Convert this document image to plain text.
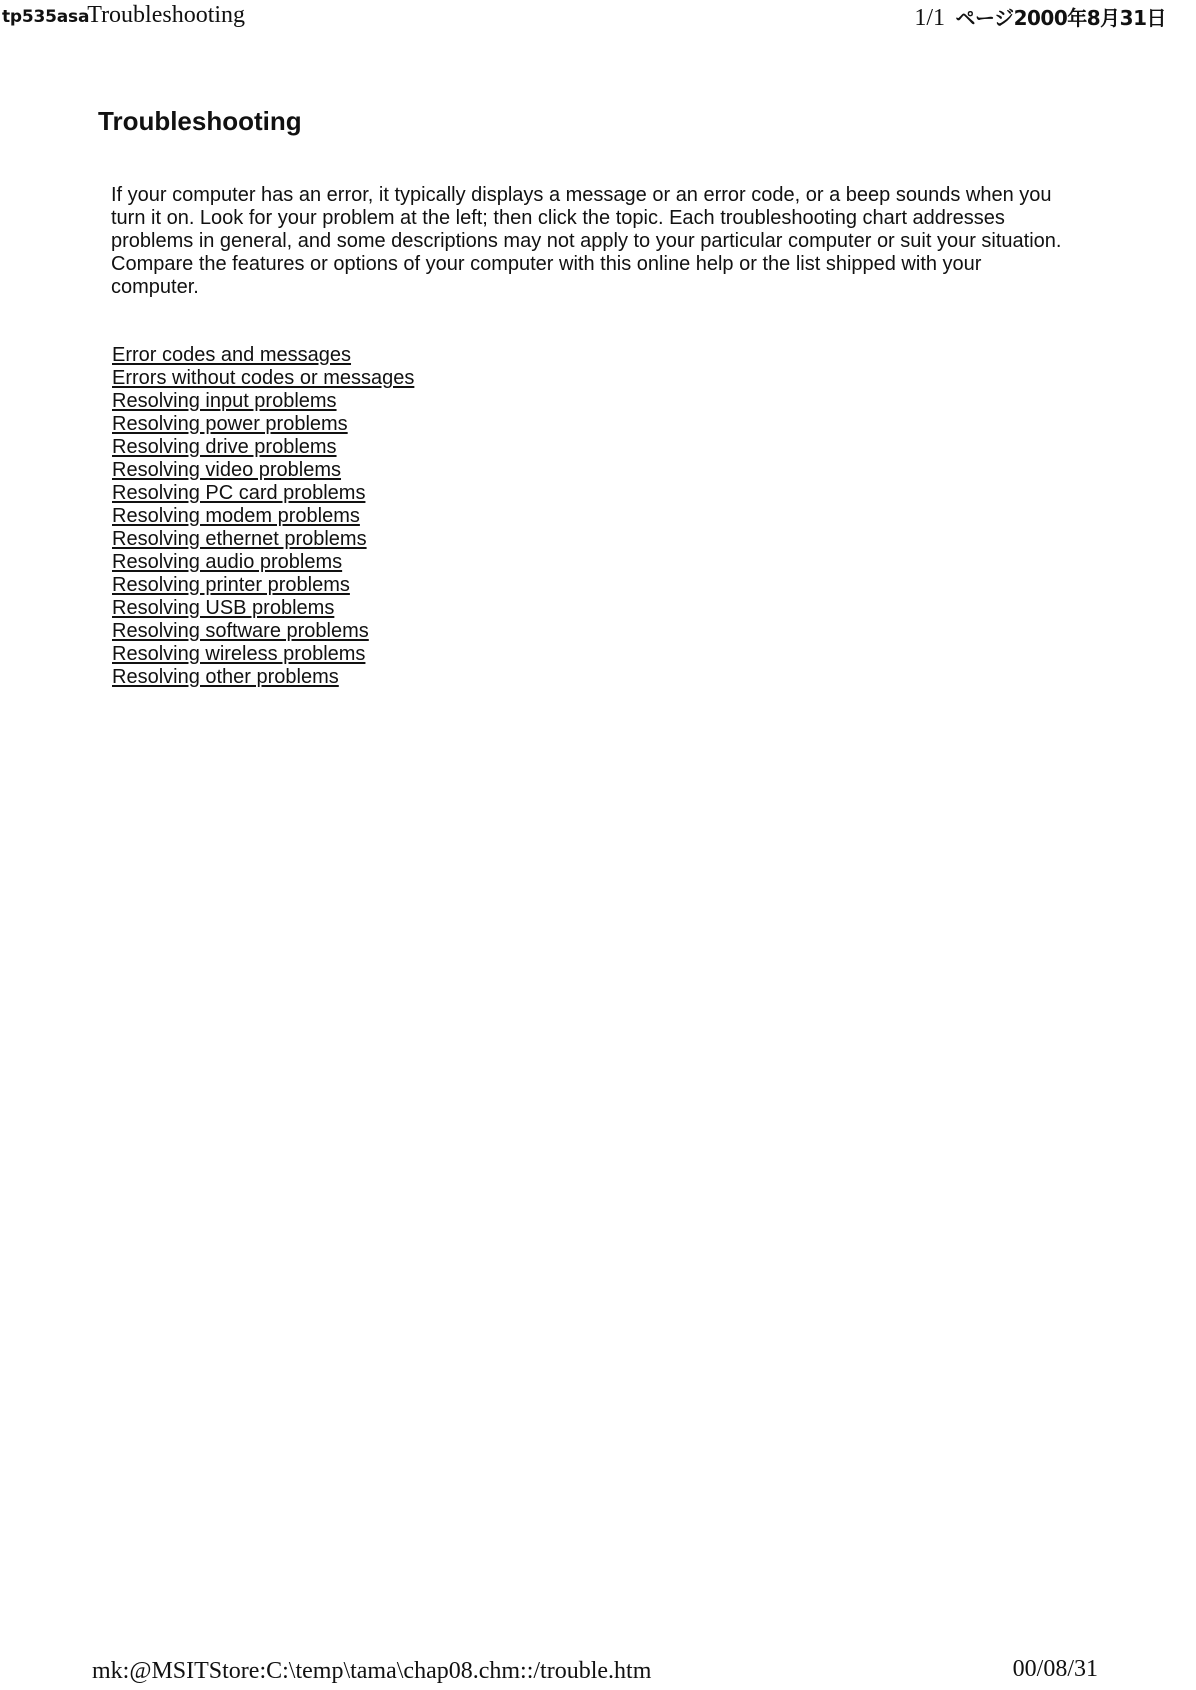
tp535asaTroubleshooting	1/1 ページ2000年8月31日
Troubleshooting

If your computer has an error, it typically displays a message or an error code, or a beep sounds when you turn it on. Look for your problem at the left; then click the topic. Each troubleshooting chart addresses problems in general, and some descriptions may not apply to your particular computer or suit your situation. Compare the features or options of your computer with this online help or the list shipped with your computer.

Error codes and messages
Errors without codes or messages
Resolving input problems
Resolving power problems
Resolving drive problems
Resolving video problems
Resolving PC card problems
Resolving modem problems
Resolving ethernet problems
Resolving audio problems
Resolving printer problems
Resolving USB problems
Resolving software problems
Resolving wireless problems
Resolving other problems
mk:@MSITStore:C:\temp\tama\chap08.chm::/trouble.htm	00/08/31
